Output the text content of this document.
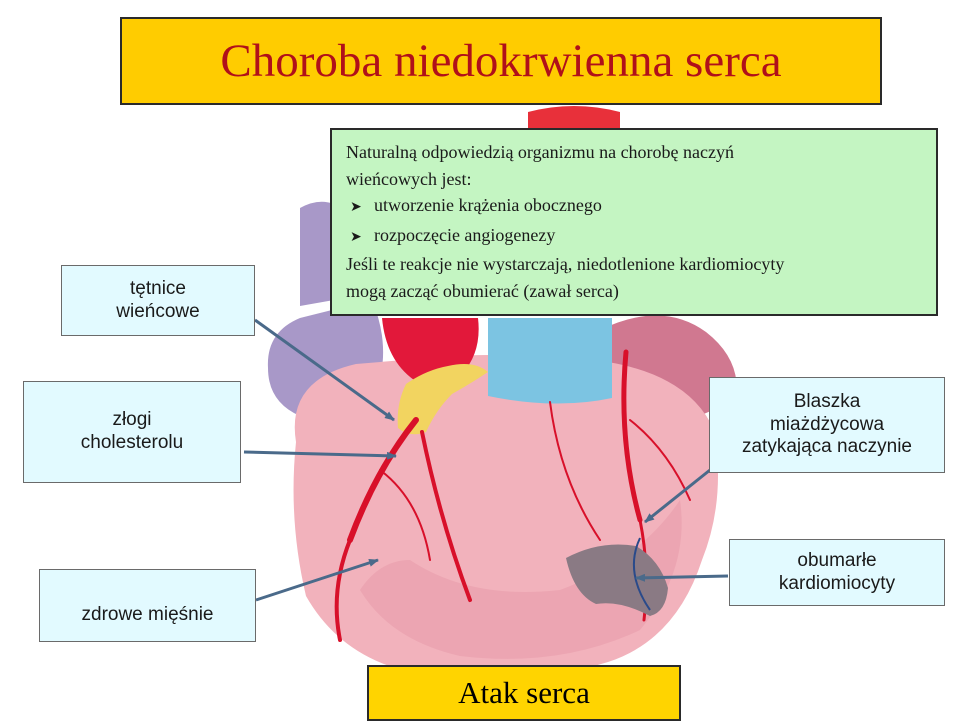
Choroba niedokrwienna serca

Naturalną odpowiedzią organizmu na chorobę naczyń

wieńcowych jest:

➤ utworzenie krążenia obocznego

➤ rozpoczęcie angiogenezy

Jeśli te reakcje nie wystarczają, niedotlenione kardiomiocyty

mogą zacząć obumierać (zawał serca)

tętnice
wieńcowe
złogi
cholesterolu
zdrowe mięśnie
Blaszka
miażdżycowa
zatykająca naczynie
obumarłe
kardiomiocyty
Atak serca
